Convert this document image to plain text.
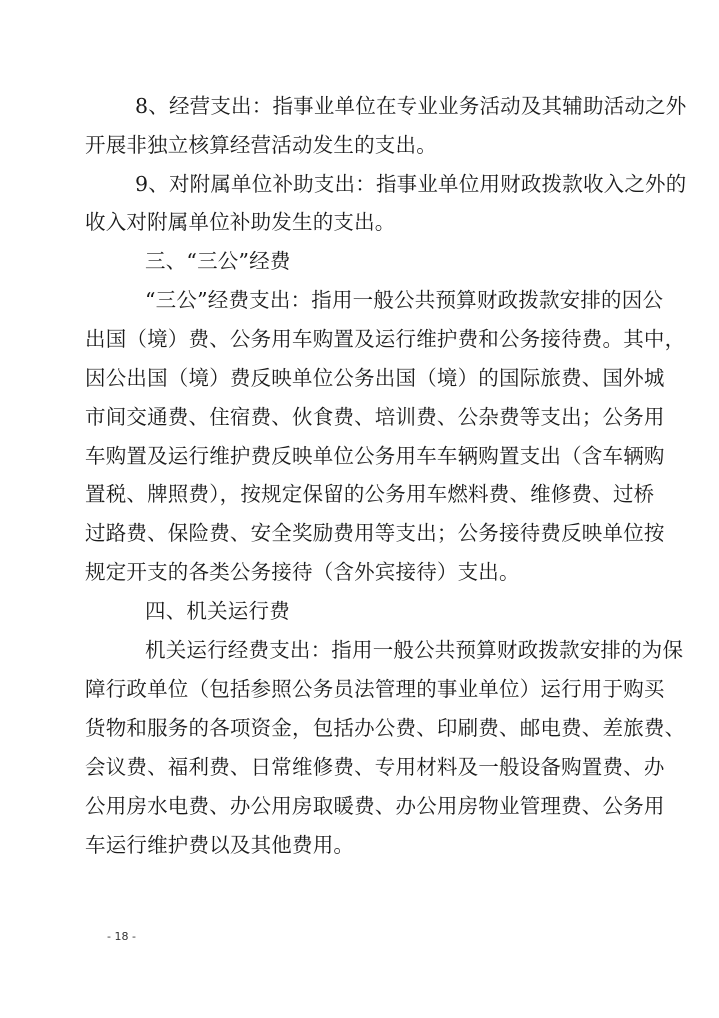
8、经营支出：指事业单位在专业业务活动及其辅助活动之外
开展非独立核算经营活动发生的支出。
9、对附属单位补助支出：指事业单位用财政拨款收入之外的
收入对附属单位补助发生的支出。
三、“三公”经费
“三公”经费支出：指用一般公共预算财政拨款安排的因公
出国（境）费、公务用车购置及运行维护费和公务接待费。其中，
因公出国（境）费反映单位公务出国（境）的国际旅费、国外城
市间交通费、住宿费、伙食费、培训费、公杂费等支出；公务用
车购置及运行维护费反映单位公务用车车辆购置支出（含车辆购
置税、牌照费），按规定保留的公务用车燃料费、维修费、过桥
过路费、保险费、安全奖励费用等支出；公务接待费反映单位按
规定开支的各类公务接待（含外宾接待）支出。
四、机关运行费
机关运行经费支出：指用一般公共预算财政拨款安排的为保
障行政单位（包括参照公务员法管理的事业单位）运行用于购买
货物和服务的各项资金，包括办公费、印刷费、邮电费、差旅费、
会议费、福利费、日常维修费、专用材料及一般设备购置费、办
公用房水电费、办公用房取暖费、办公用房物业管理费、公务用
车运行维护费以及其他费用。
- 18 -
